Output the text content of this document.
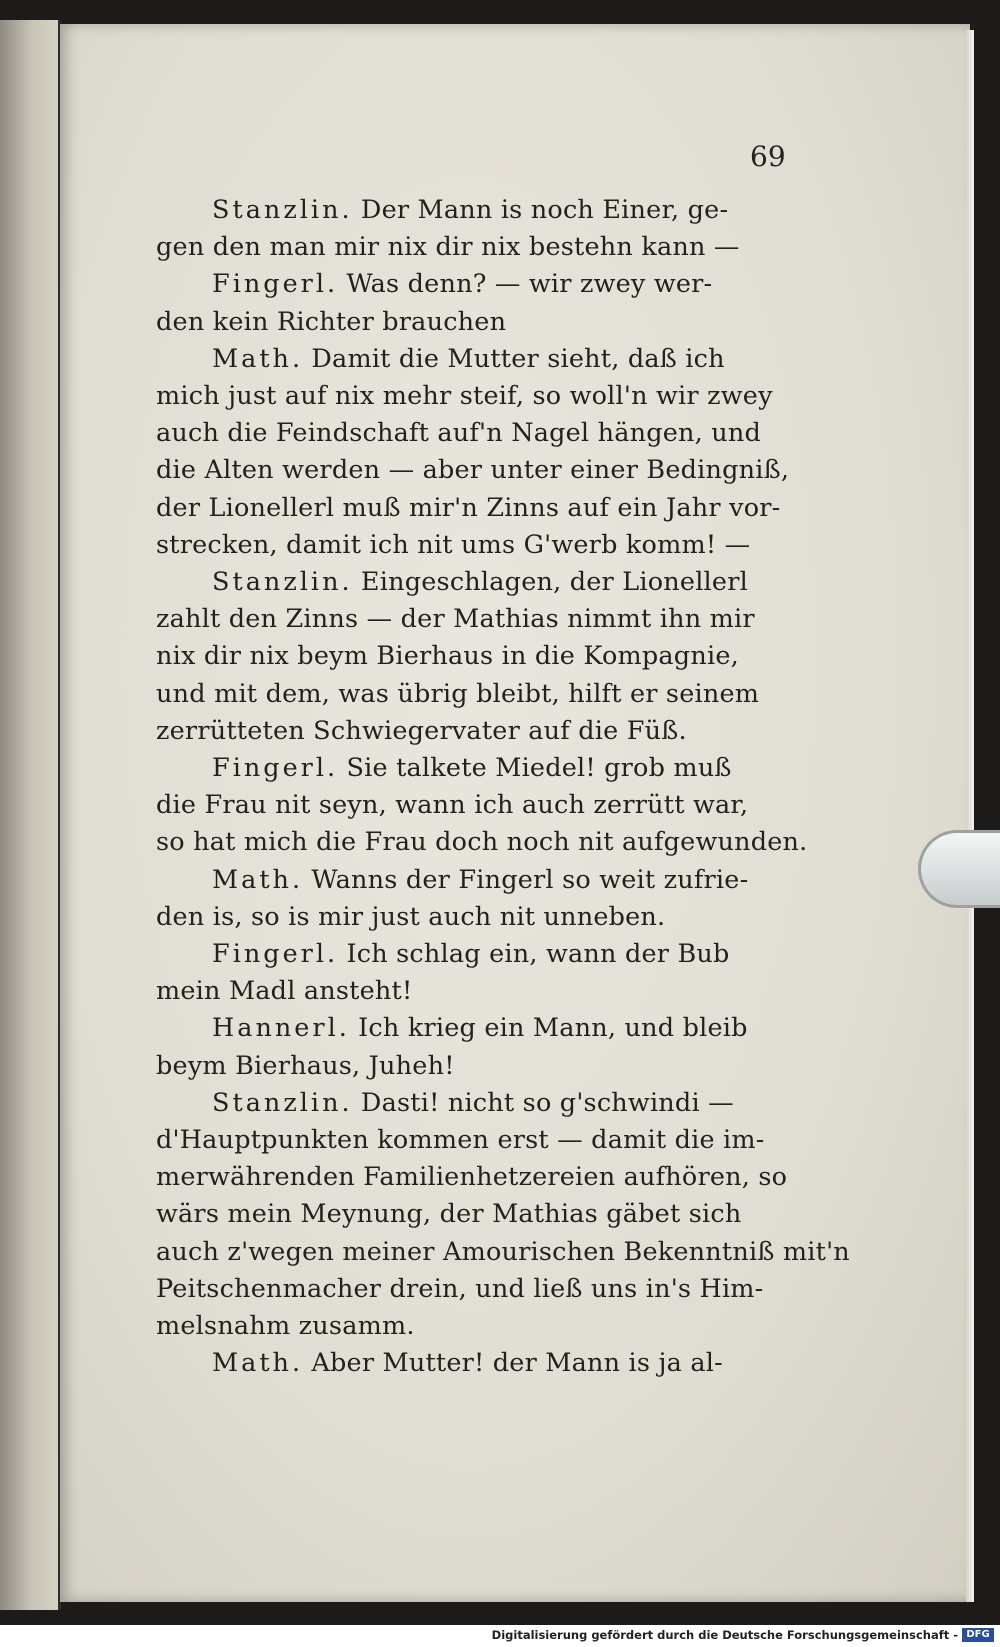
69
Stanzlin. Der Mann is noch Einer, ge-
gen den man mir nix dir nix bestehn kann —
Fingerl. Was denn? — wir zwey wer-
den kein Richter brauchen
Math. Damit die Mutter sieht, daß ich
mich just auf nix mehr steif, so woll'n wir zwey
auch die Feindschaft auf'n Nagel hängen, und
die Alten werden — aber unter einer Bedingniß,
der Lionellerl muß mir'n Zinns auf ein Jahr vor-
strecken, damit ich nit ums G'werb komm! —
Stanzlin. Eingeschlagen, der Lionellerl
zahlt den Zinns — der Mathias nimmt ihn mir
nix dir nix beym Bierhaus in die Kompagnie,
und mit dem, was übrig bleibt, hilft er seinem
zerrütteten Schwiegervater auf die Füß.
Fingerl. Sie talkete Miedel! grob muß
die Frau nit seyn, wann ich auch zerrütt war,
so hat mich die Frau doch noch nit aufgewunden.
Math. Wanns der Fingerl so weit zufrie-
den is, so is mir just auch nit unneben.
Fingerl. Ich schlag ein, wann der Bub
mein Madl ansteht!
Hannerl. Ich krieg ein Mann, und bleib
beym Bierhaus, Juheh!
Stanzlin. Dasti! nicht so g'schwindi —
d'Hauptpunkten kommen erst — damit die im-
merwährenden Familienhetzereien aufhören, so
wärs mein Meynung, der Mathias gäbet sich
auch z'wegen meiner Amourischen Bekenntniß mit'n
Peitschenmacher drein, und ließ uns in's Him-
melsnahm zusamm.
Math. Aber Mutter! der Mann is ja al-
Digitalisierung gefördert durch die Deutsche Forschungsgemeinschaft - DFG
